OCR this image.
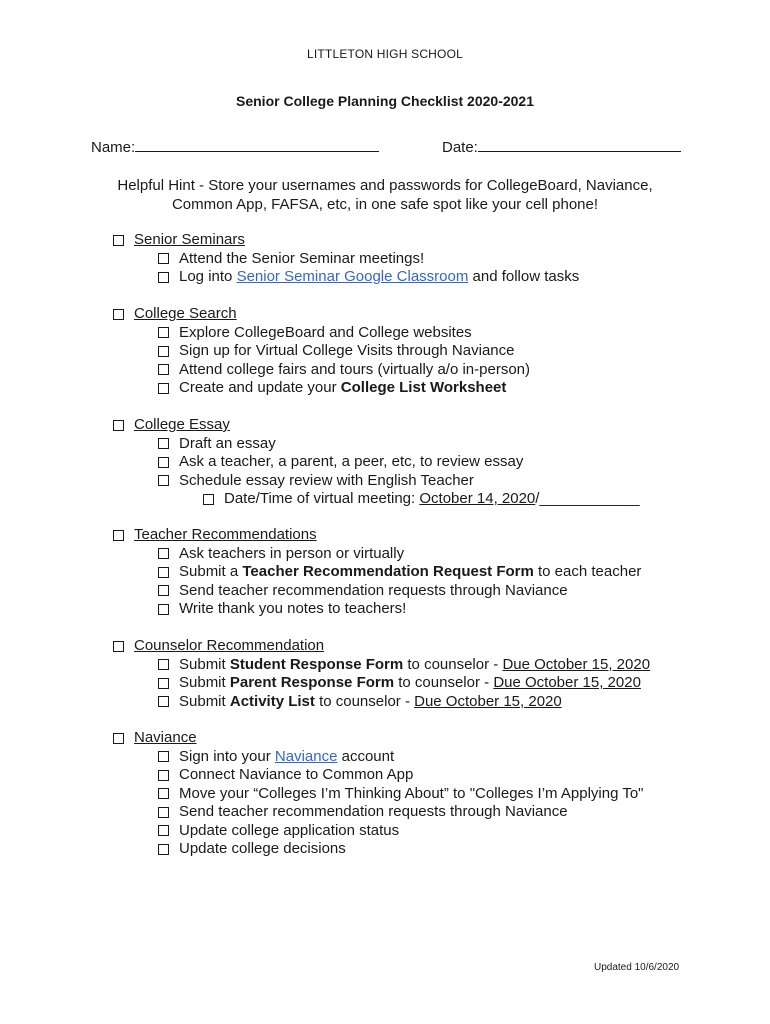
LITTLETON HIGH SCHOOL
Senior College Planning Checklist 2020-2021
Name:	Date:
Helpful Hint - Store your usernames and passwords for CollegeBoard, Naviance,
Common App, FAFSA, etc, in one safe spot like your cell phone!
Senior Seminars
Attend the Senior Seminar meetings!
Log into Senior Seminar Google Classroom and follow tasks
College Search
Explore CollegeBoard and College websites
Sign up for Virtual College Visits through Naviance
Attend college fairs and tours (virtually a/o in-person)
Create and update your College List Worksheet
College Essay
Draft an essay
Ask a teacher, a parent, a peer, etc, to review essay
Schedule essay review with English Teacher
Date/Time of virtual meeting: October 14, 2020/____________
Teacher Recommendations
Ask teachers in person or virtually
Submit a Teacher Recommendation Request Form to each teacher
Send teacher recommendation requests through Naviance
Write thank you notes to teachers!
Counselor Recommendation
Submit Student Response Form to counselor - Due October 15, 2020
Submit Parent Response Form to counselor - Due October 15, 2020
Submit Activity List to counselor - Due October 15, 2020
Naviance
Sign into your Naviance account
Connect Naviance to Common App
Move your “Colleges I’m Thinking About” to "Colleges I’m Applying To"
Send teacher recommendation requests through Naviance
Update college application status
Update college decisions
Updated 10/6/2020
